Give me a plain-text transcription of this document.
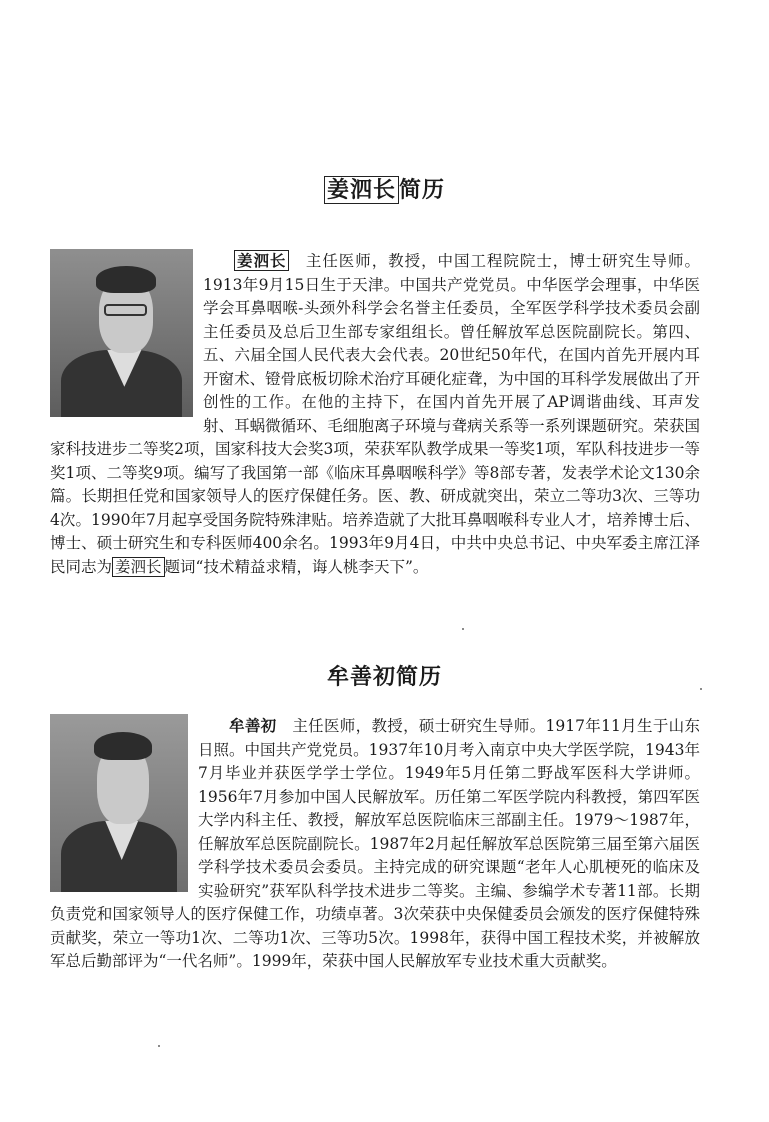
姜泗长 简历

姜泗长　 主任医师，教授，中国工程院院士，博士研究生导师。1913年9月15日生于天津。中国共产党党员。中华医学会理事，中华医学会耳鼻咽喉-头颈外科学会名誉主任委员，全军医学科学技术委员会副主任委员及总后卫生部专家组组长。曾任解放军总医院副院长。第四、五、六届全国人民代表大会代表。20世纪50年代，在国内首先开展内耳开窗术、镫骨底板切除术治疗耳硬化症聋，为中国的耳科学发展做出了开创性的工作。在他的主持下，在国内首先开展了AP调谐曲线、耳声发射、耳蜗微循环、毛细胞离子环境与聋病关系等一系列课题研究。荣获国家科技进步二等奖2项，国家科技大会奖3项，荣获军队教学成果一等奖1项，军队科技进步一等奖1项、二等奖9项。编写了我国第一部《临床耳鼻咽喉科学》等8部专著，发表学术论文130余篇。长期担任党和国家领导人的医疗保健任务。医、教、研成就突出，荣立二等功3次、三等功4次。1990年7月起享受国务院特殊津贴。培养造就了大批耳鼻咽喉科专业人才，培养博士后、博士、硕士研究生和专科医师400余名。1993年9月4日，中共中央总书记、中央军委主席江泽民同志为 姜泗长 题词“技术精益求精，诲人桃李天下”。

牟善初简历

牟善初　 主任医师，教授，硕士研究生导师。1917年11月生于山东日照。中国共产党党员。1937年10月考入南京中央大学医学院，1943年7月毕业并获医学学士学位。1949年5月任第二野战军医科大学讲师。1956年7月参加中国人民解放军。历任第二军医学院内科教授，第四军医大学内科主任、教授，解放军总医院临床三部副主任。1979～1987年，任解放军总医院副院长。1987年2月起任解放军总医院第三届至第六届医学科学技术委员会委员。主持完成的研究课题“老年人心肌梗死的临床及实验研究”获军队科学技术进步二等奖。主编、参编学术专著11部。长期负责党和国家领导人的医疗保健工作，功绩卓著。3次荣获中央保健委员会颁发的医疗保健特殊贡献奖，荣立一等功1次、二等功1次、三等功5次。1998年，获得中国工程技术奖，并被解放军总后勤部评为“一代名师”。1999年，荣获中国人民解放军专业技术重大贡献奖。
